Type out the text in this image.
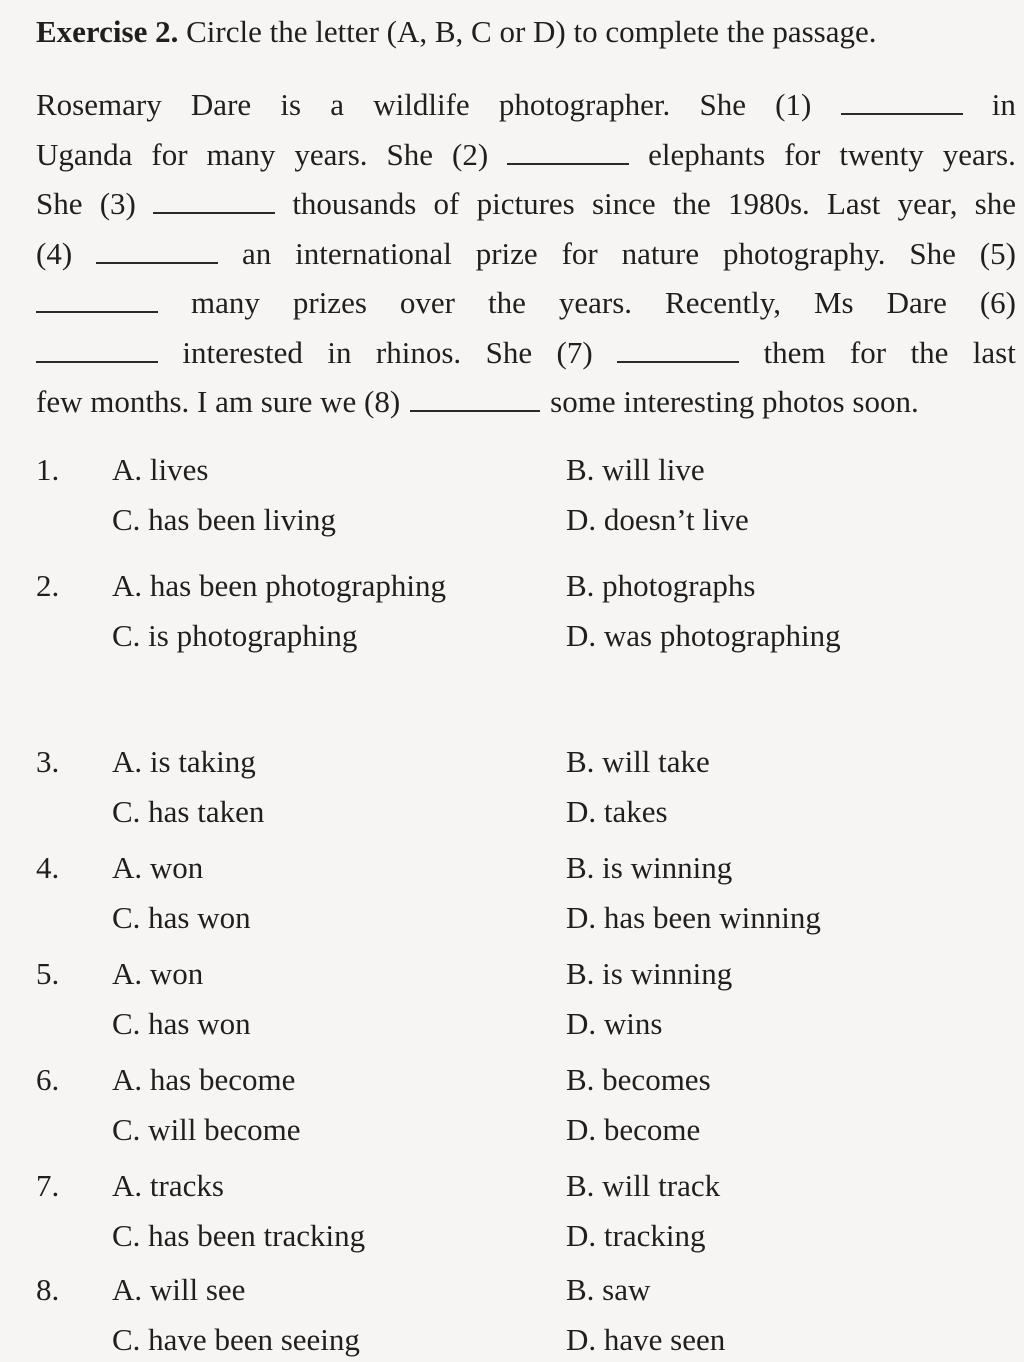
Exercise 2. Circle the letter (A, B, C or D) to complete the passage.
Rosemary Dare is a wildlife photographer. She (1)	in
Uganda for many years. She (2)	elephants for twenty years.
She (3)	thousands of pictures since the 1980s. Last year, she
(4)	an international prize for nature photography. She (5)
many prizes over the years. Recently, Ms Dare (6)
interested in rhinos. She (7)	them for the last
few months. I am sure we (8)	some interesting photos soon.
1. A. lives	B. will live
C. has been living	D. doesn’t live
2. A. has been photographing	B. photographs
C. is photographing	D. was photographing
3. A. is taking	B. will take
C. has taken	D. takes
4. A. won	B. is winning
C. has won	D. has been winning
5. A. won	B. is winning
C. has won	D. wins
6. A. has become	B. becomes
C. will become	D. become
7. A. tracks	B. will track
C. has been tracking	D. tracking
8. A. will see	B. saw
C. have been seeing	D. have seen
